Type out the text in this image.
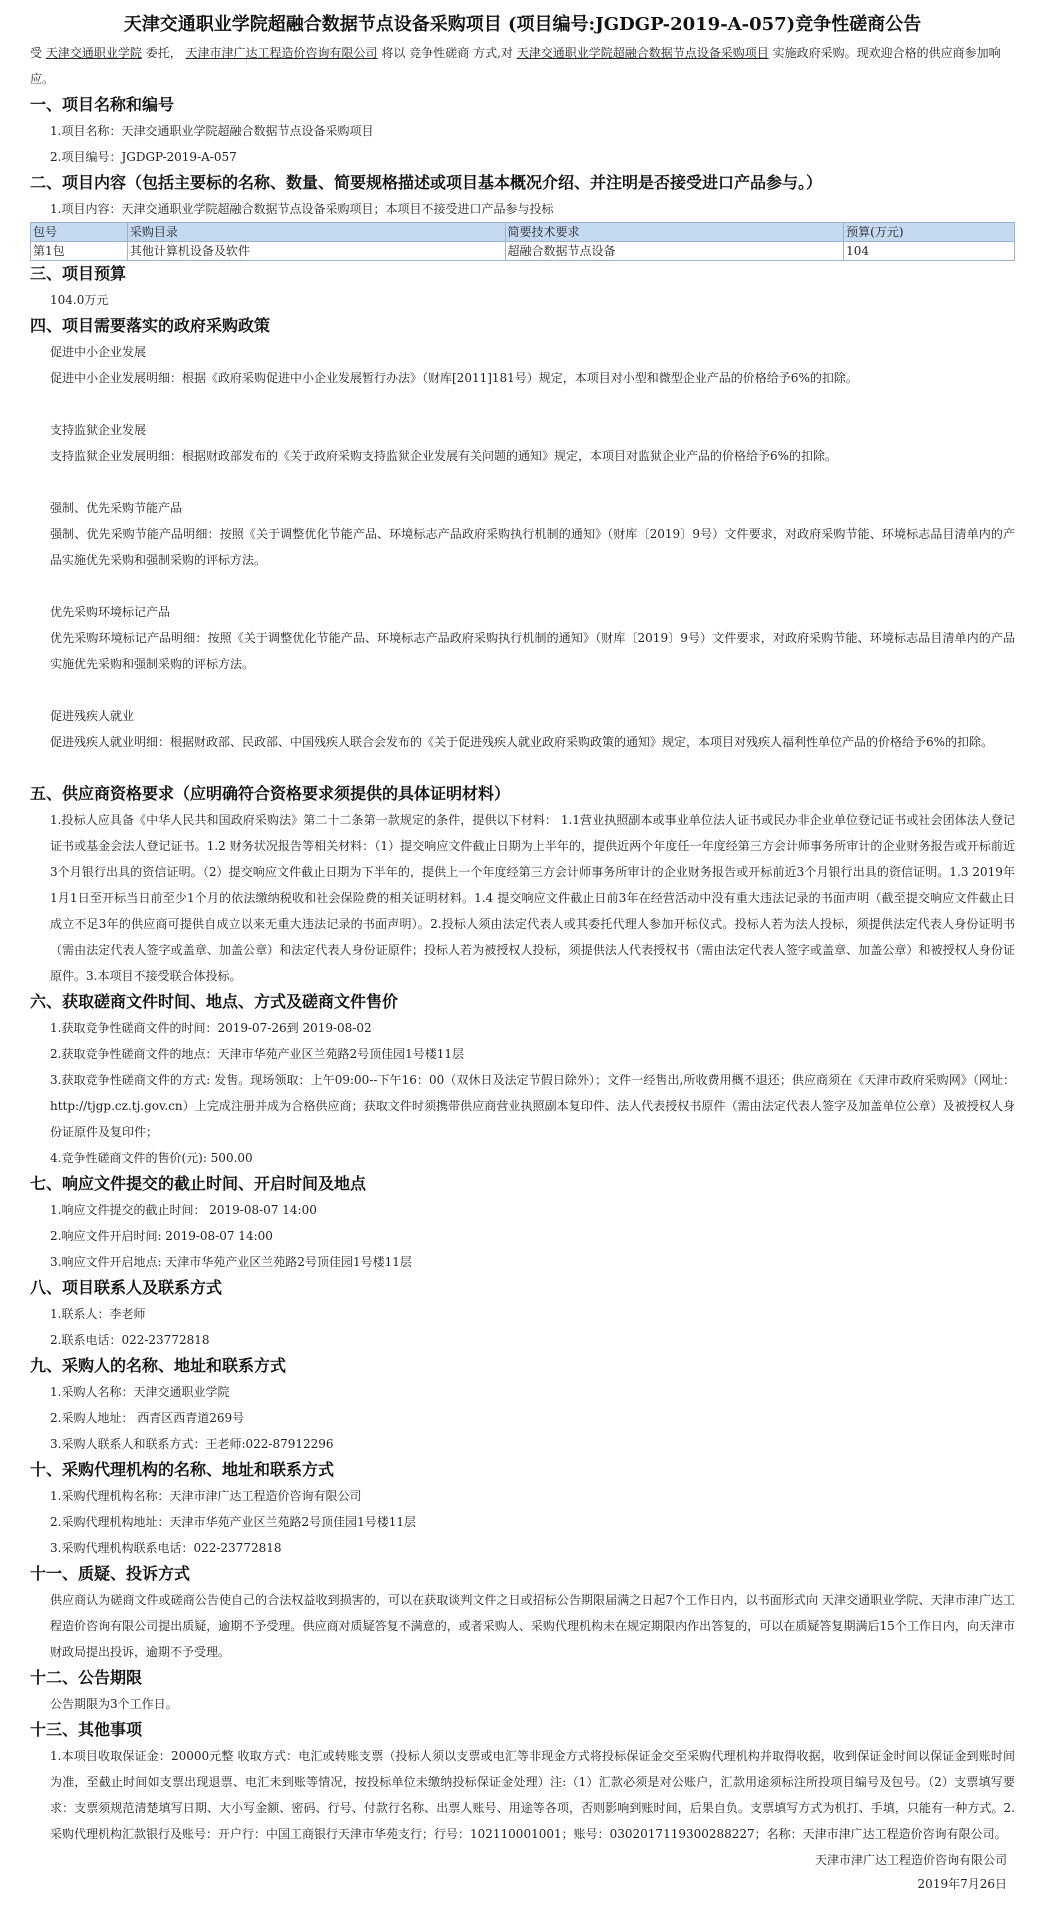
天津交通职业学院超融合数据节点设备采购项目 (项目编号:JGDGP-2019-A-057)竞争性磋商公告

受 天津交通职业学院 委托， 天津市津广达工程造价咨询有限公司 将以 竞争性磋商 方式,对 天津交通职业学院超融合数据节点设备采购项目 实施政府采购。现欢迎合格的供应商参加响应。

一、项目名称和编号

1.项目名称：天津交通职业学院超融合数据节点设备采购项目

2.项目编号：JGDGP-2019-A-057

二、项目内容（包括主要标的名称、数量、简要规格描述或项目基本概况介绍、并注明是否接受进口产品参与。）

1.项目内容：天津交通职业学院超融合数据节点设备采购项目；本项目不接受进口产品参与投标

包号	采购目录	简要技术要求	预算(万元)
第1包	其他计算机设备及软件	超融合数据节点设备	104
三、项目预算

104.0万元

四、项目需要落实的政府采购政策

促进中小企业发展

促进中小企业发展明细：根据《政府采购促进中小企业发展暂行办法》（财库[2011]181号）规定，本项目对小型和微型企业产品的价格给予6%的扣除。

支持监狱企业发展

支持监狱企业发展明细：根据财政部发布的《关于政府采购支持监狱企业发展有关问题的通知》规定，本项目对监狱企业产品的价格给予6%的扣除。

强制、优先采购节能产品

强制、优先采购节能产品明细：按照《关于调整优化节能产品、环境标志产品政府采购执行机制的通知》（财库〔2019〕9号）文件要求，对政府采购节能、环境标志品目清单内的产品实施优先采购和强制采购的评标方法。

优先采购环境标记产品

优先采购环境标记产品明细：按照《关于调整优化节能产品、环境标志产品政府采购执行机制的通知》（财库〔2019〕9号）文件要求，对政府采购节能、环境标志品目清单内的产品实施优先采购和强制采购的评标方法。

促进残疾人就业

促进残疾人就业明细：根据财政部、民政部、中国残疾人联合会发布的《关于促进残疾人就业政府采购政策的通知》规定，本项目对残疾人福利性单位产品的价格给予6%的扣除。

五、供应商资格要求（应明确符合资格要求须提供的具体证明材料）

1.投标人应具备《中华人民共和国政府采购法》第二十二条第一款规定的条件，提供以下材料： 1.1营业执照副本或事业单位法人证书或民办非企业单位登记证书或社会团体法人登记证书或基金会法人登记证书。1.2 财务状况报告等相关材料：（1）提交响应文件截止日期为上半年的，提供近两个年度任一年度经第三方会计师事务所审计的企业财务报告或开标前近3个月银行出具的资信证明。（2）提交响应文件截止日期为下半年的，提供上一个年度经第三方会计师事务所审计的企业财务报告或开标前近3个月银行出具的资信证明。1.3 2019年1月1日至开标当日前至少1个月的依法缴纳税收和社会保险费的相关证明材料。1.4 提交响应文件截止日前3年在经营活动中没有重大违法记录的书面声明（截至提交响应文件截止日成立不足3年的供应商可提供自成立以来无重大违法记录的书面声明）。2.投标人须由法定代表人或其委托代理人参加开标仪式。投标人若为法人投标，须提供法定代表人身份证明书（需由法定代表人签字或盖章、加盖公章）和法定代表人身份证原件；投标人若为被授权人投标，须提供法人代表授权书（需由法定代表人签字或盖章、加盖公章）和被授权人身份证原件。3.本项目不接受联合体投标。

六、获取磋商文件时间、地点、方式及磋商文件售价

1.获取竞争性磋商文件的时间：2019-07-26到 2019-08-02

2.获取竞争性磋商文件的地点：天津市华苑产业区兰苑路2号顶佳园1号楼11层

3.获取竞争性磋商文件的方式: 发售。现场领取：上午09:00--下午16：00（双休日及法定节假日除外）；文件一经售出,所收费用概不退还；供应商须在《天津市政府采购网》（网址：http://tjgp.cz.tj.gov.cn）上完成注册并成为合格供应商；获取文件时须携带供应商营业执照副本复印件、法人代表授权书原件（需由法定代表人签字及加盖单位公章）及被授权人身份证原件及复印件；

4.竞争性磋商文件的售价(元): 500.00

七、响应文件提交的截止时间、开启时间及地点

1.响应文件提交的截止时间： 2019-08-07 14:00

2.响应文件开启时间: 2019-08-07 14:00

3.响应文件开启地点: 天津市华苑产业区兰苑路2号顶佳园1号楼11层

八、项目联系人及联系方式

1.联系人：李老师

2.联系电话：022-23772818

九、采购人的名称、地址和联系方式

1.采购人名称：天津交通职业学院

2.采购人地址： 西青区西青道269号

3.采购人联系人和联系方式：王老师:022-87912296

十、采购代理机构的名称、地址和联系方式

1.采购代理机构名称：天津市津广达工程造价咨询有限公司

2.采购代理机构地址：天津市华苑产业区兰苑路2号顶佳园1号楼11层

3.采购代理机构联系电话：022-23772818

十一、质疑、投诉方式

供应商认为磋商文件或磋商公告使自己的合法权益收到损害的，可以在获取谈判文件之日或招标公告期限届满之日起7个工作日内，以书面形式向 天津交通职业学院、天津市津广达工程造价咨询有限公司提出质疑，逾期不予受理。供应商对质疑答复不满意的，或者采购人、采购代理机构未在规定期限内作出答复的，可以在质疑答复期满后15个工作日内，向天津市财政局提出投诉，逾期不予受理。

十二、公告期限

公告期限为3个工作日。

十三、其他事项

1.本项目收取保证金：20000元整 收取方式：电汇或转账支票（投标人须以支票或电汇等非现金方式将投标保证金交至采购代理机构并取得收据，收到保证金时间以保证金到账时间为准，至截止时间如支票出现退票、电汇未到账等情况，按投标单位未缴纳投标保证金处理）注:（1）汇款必须是对公账户，汇款用途须标注所投项目编号及包号。（2）支票填写要求：支票须规范清楚填写日期、大小写金额、密码、行号、付款行名称、出票人账号、用途等各项，否则影响到账时间，后果自负。支票填写方式为机打、手填，只能有一种方式。2.采购代理机构汇款银行及账号：开户行：中国工商银行天津市华苑支行；行号：102110001001；账号：0302017119300288227；名称：天津市津广达工程造价咨询有限公司。

天津市津广达工程造价咨询有限公司

2019年7月26日
